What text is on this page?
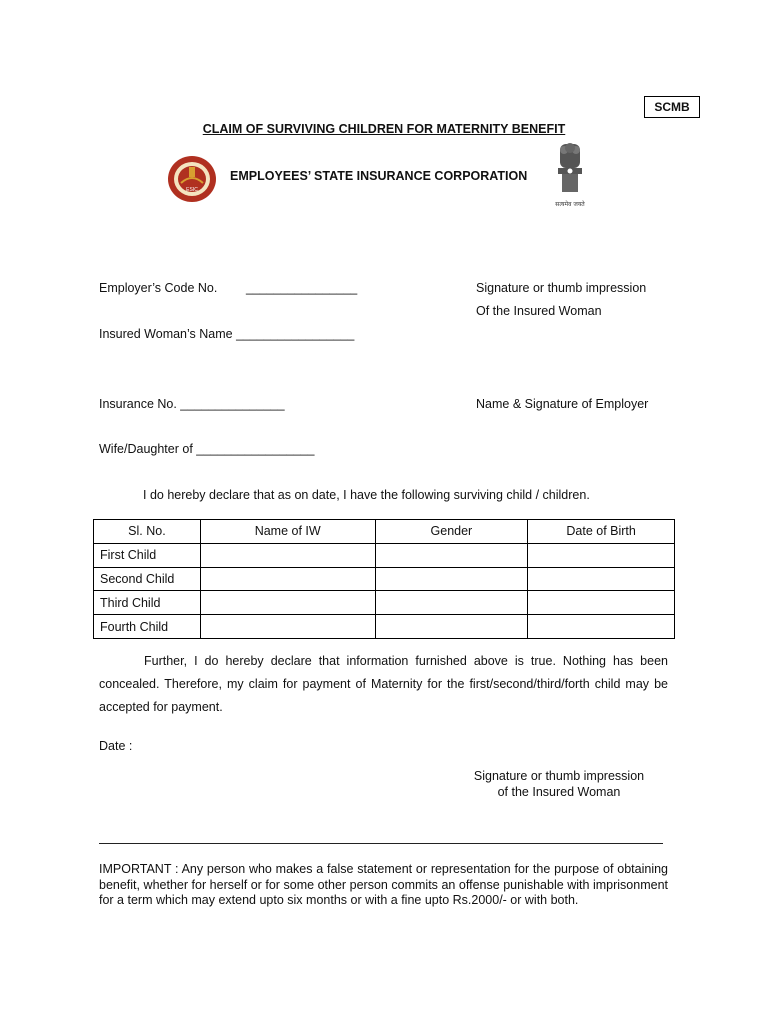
SCMB
CLAIM OF SURVIVING CHILDREN FOR MATERNITY BENEFIT
ESIC
EMPLOYEES’ STATE INSURANCE CORPORATION
सत्यमेव जयते
Employer’s Code No. ________________
Insured Woman’s Name _________________
Insurance No. _______________
Wife/Daughter of _________________
Signature or thumb impression
Of the Insured Woman
Name & Signature of Employer
I do hereby declare that as on date, I have the following surviving child / children.
Sl. No.	Name of IW	Gender	Date of Birth
First Child			
Second Child			
Third Child			
Fourth Child			
Further, I do hereby declare that information furnished above is true. Nothing has been concealed. Therefore, my claim for payment of Maternity for the first/second/third/forth child may be accepted for payment.
Date :
Signature or thumb impression
of the Insured Woman
IMPORTANT : Any person who makes a false statement or representation for the purpose of obtaining benefit, whether for herself or for some other person commits an offense punishable with imprisonment for a term which may extend upto six months or with a fine upto Rs.2000/- or with both.
